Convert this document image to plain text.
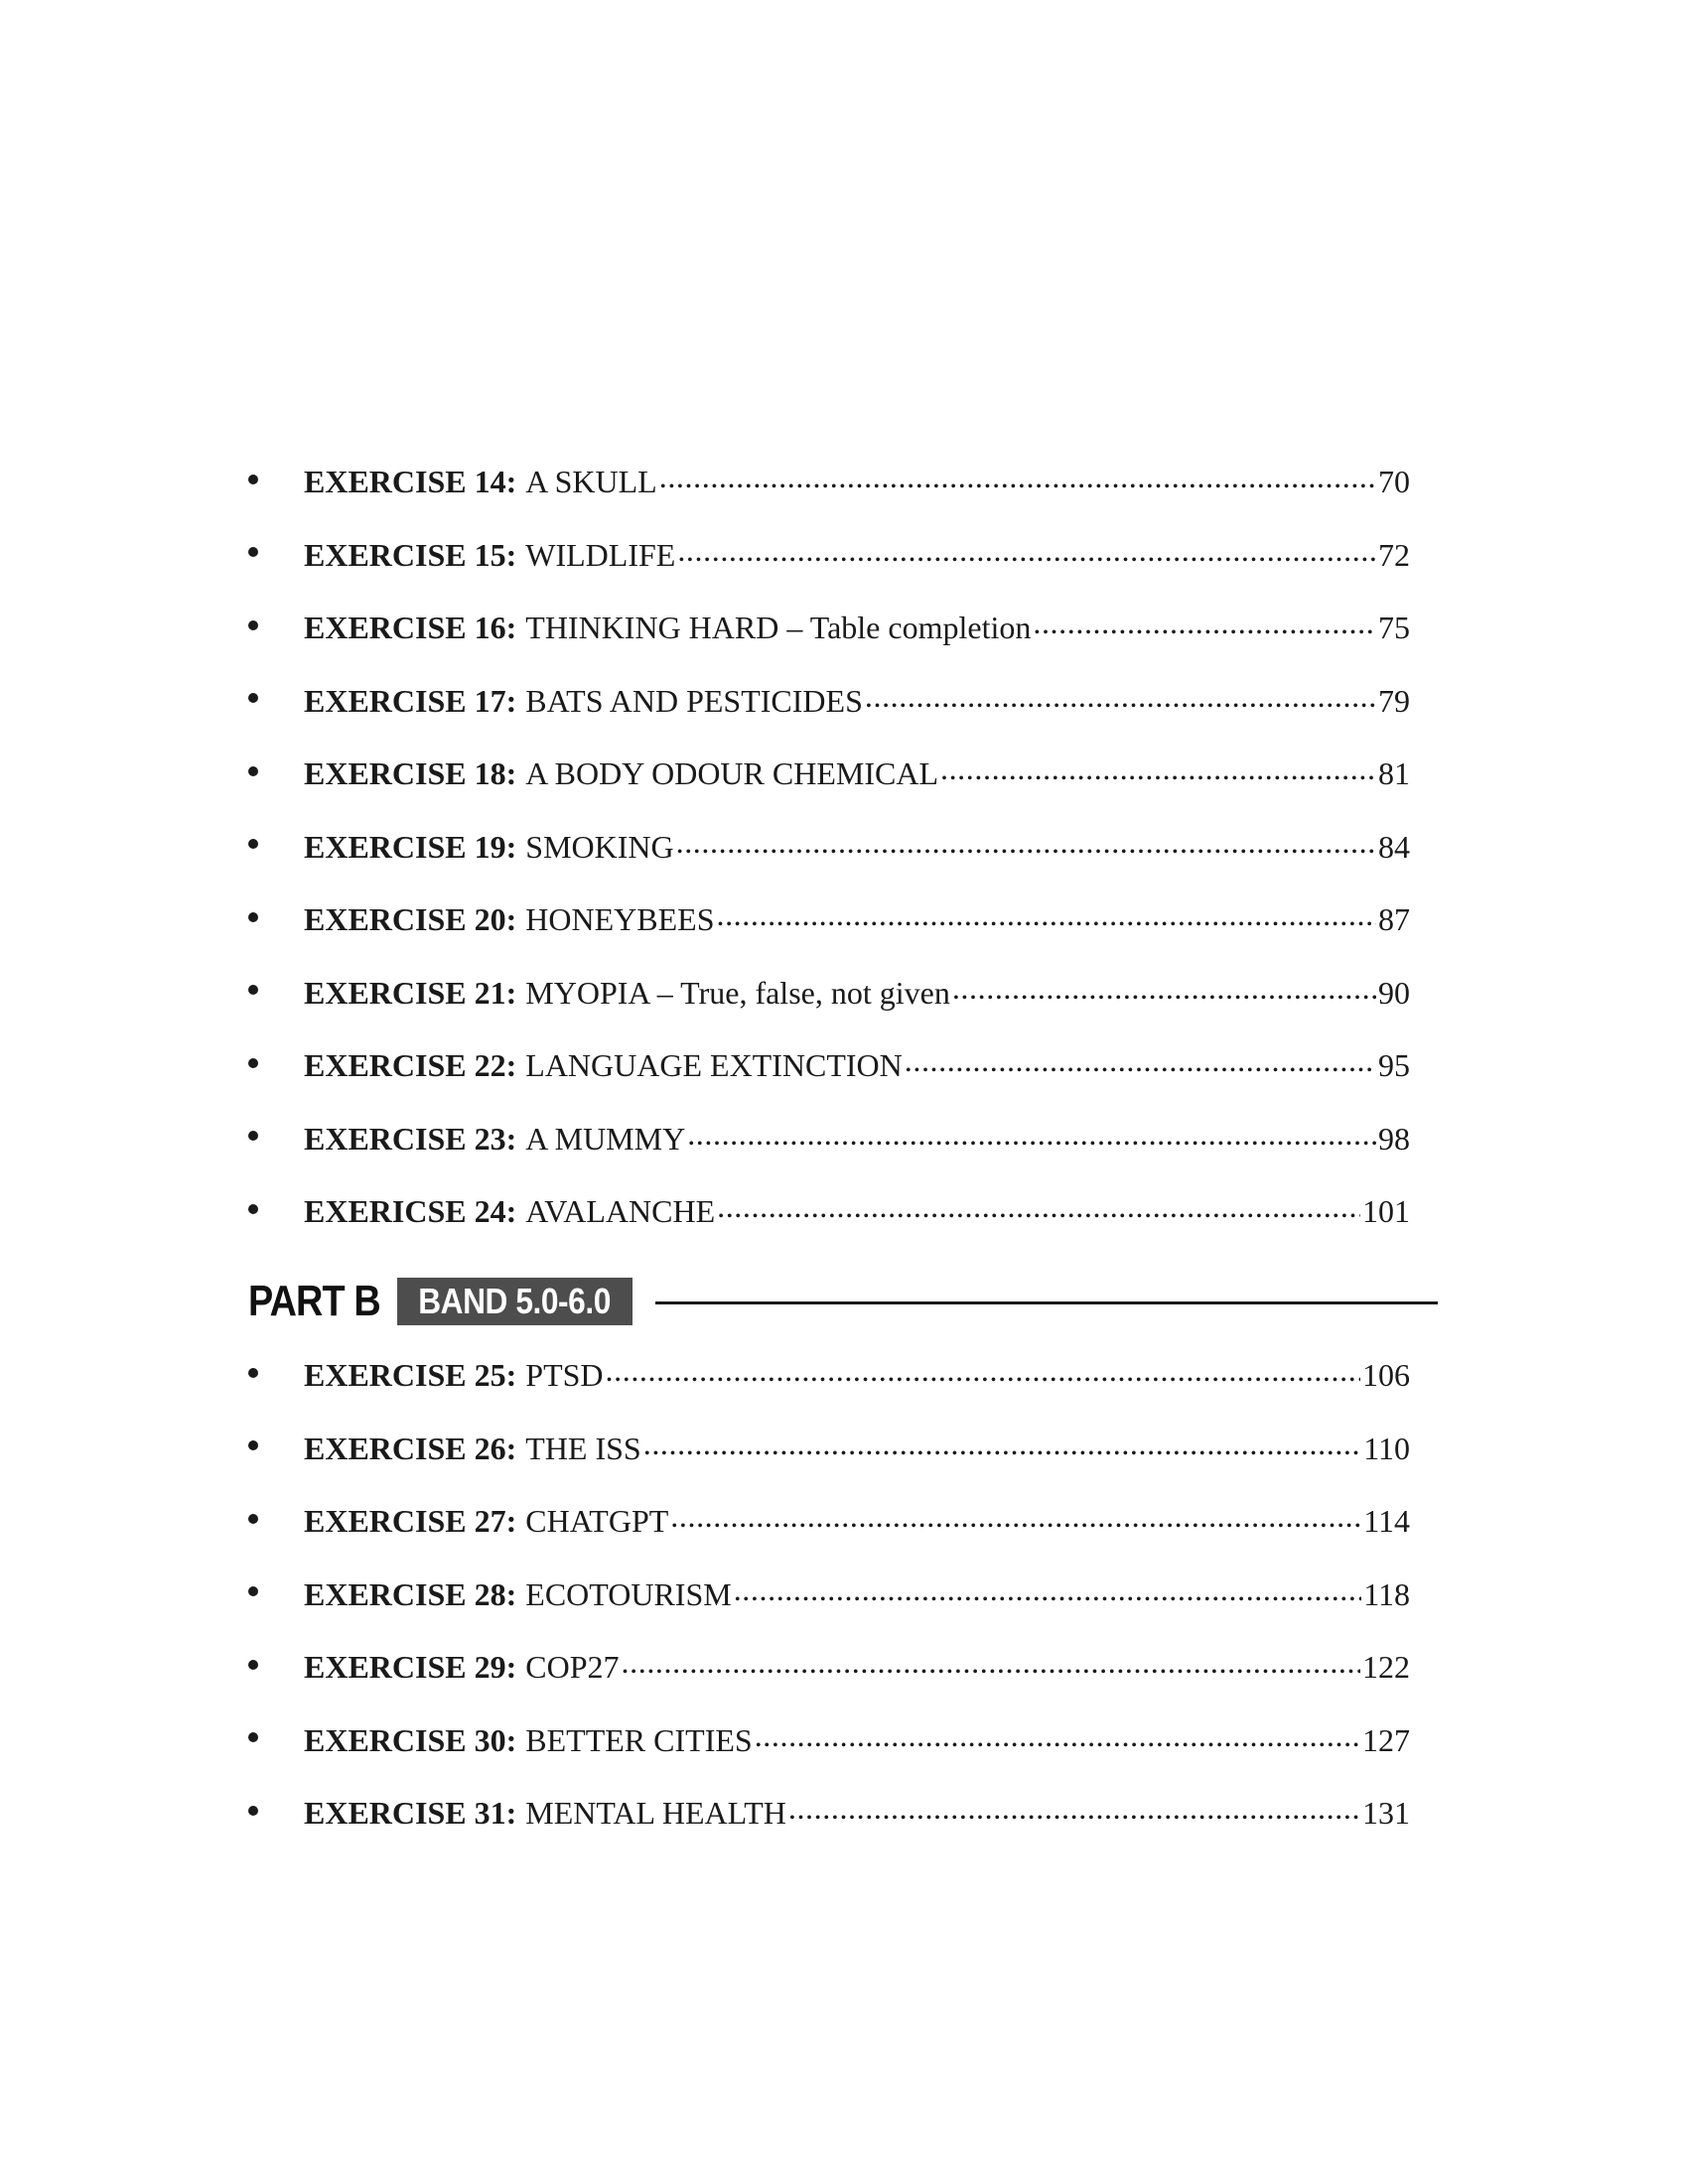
EXERCISE 14: A SKULL .....	70
EXERCISE 15: WILDLIFE .....	72
EXERCISE 16: THINKING HARD – Table completion .....	75
EXERCISE 17: BATS AND PESTICIDES .....	79
EXERCISE 18: A BODY ODOUR CHEMICAL .....	81
EXERCISE 19: SMOKING .....	84
EXERCISE 20: HONEYBEES .....	87
EXERCISE 21: MYOPIA – True, false, not given .....	90
EXERCISE 22: LANGUAGE EXTINCTION .....	95
EXERCISE 23: A MUMMY .....	98
EXERICSE 24: AVALANCHE .....	101
PART B	BAND 5.0-6.0
EXERCISE 25: PTSD .....	106
EXERCISE 26: THE ISS .....	110
EXERCISE 27: CHATGPT .....	114
EXERCISE 28: ECOTOURISM .....	118
EXERCISE 29: COP27 .....	122
EXERCISE 30: BETTER CITIES .....	127
EXERCISE 31: MENTAL HEALTH .....	131
